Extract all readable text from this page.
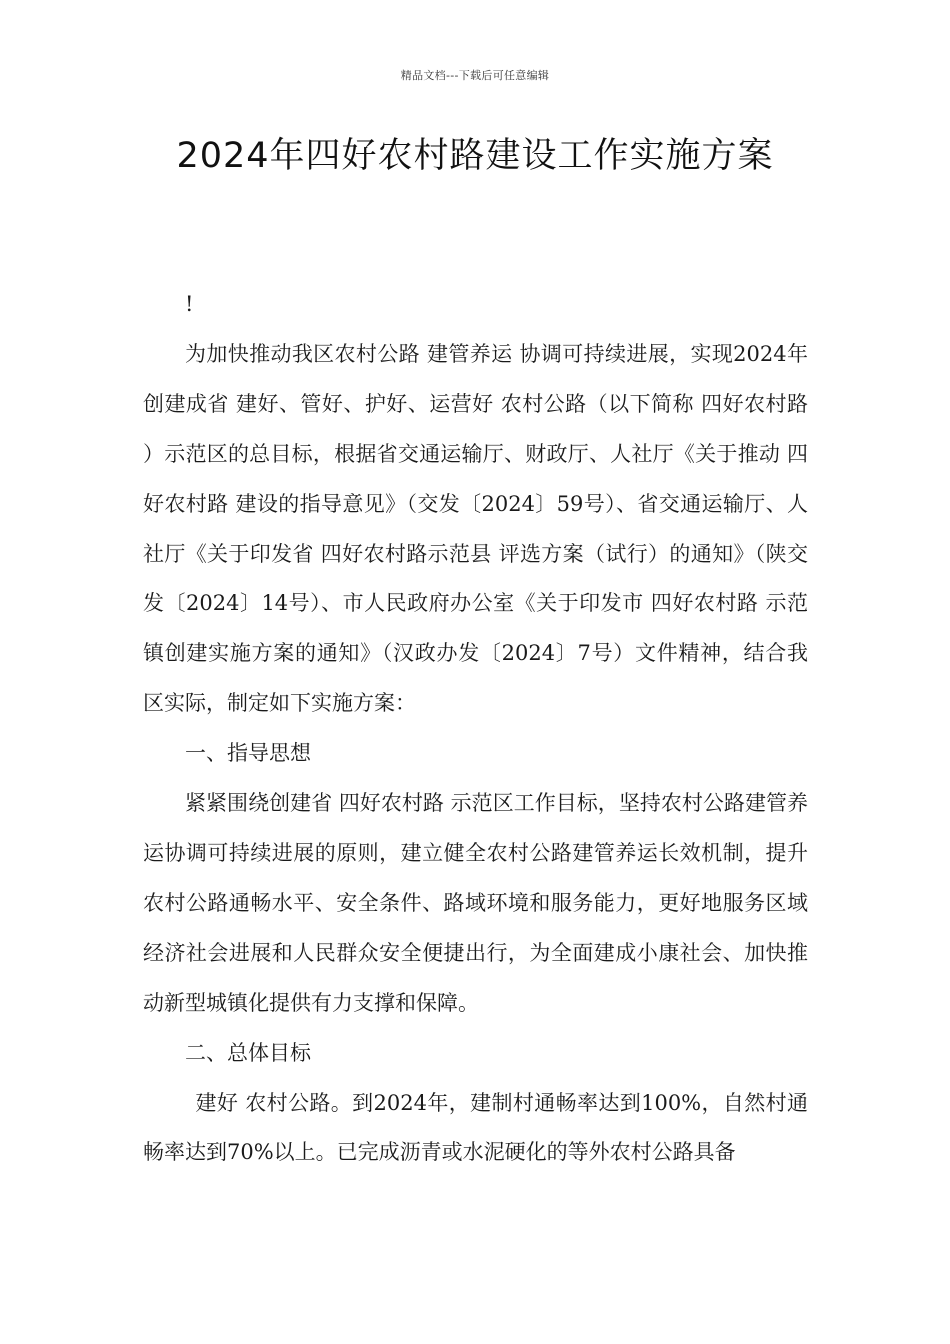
精品文档---下载后可任意编辑
2024年四好农村路建设工作实施方案

!

为加快推动我区农村公路 建管养运 协调可持续进展，实现2024年创建成省 建好、管好、护好、运营好 农村公路（以下简称 四好农村路 ）示范区的总目标，根据省交通运输厅、财政厅、人社厅《关于推动 四好农村路 建设的指导意见》（交发〔2024〕59号）、省交通运输厅、人社厅《关于印发省 四好农村路示范县 评选方案（试行）的通知》（陕交发〔2024〕14号）、市人民政府办公室《关于印发市 四好农村路 示范镇创建实施方案的通知》（汉政办发〔2024〕7号）文件精神，结合我区实际，制定如下实施方案：

一、指导思想

紧紧围绕创建省 四好农村路 示范区工作目标，坚持农村公路建管养运协调可持续进展的原则，建立健全农村公路建管养运长效机制，提升农村公路通畅水平、安全条件、路域环境和服务能力，更好地服务区域经济社会进展和人民群众安全便捷出行，为全面建成小康社会、加快推动新型城镇化提供有力支撑和保障。

二、总体目标

建好 农村公路。到2024年，建制村通畅率达到100%，自然村通畅率达到70%以上。已完成沥青或水泥硬化的等外农村公路具备
